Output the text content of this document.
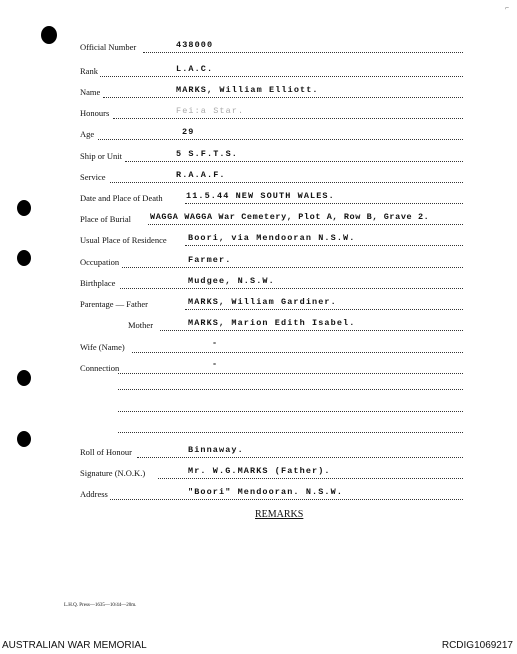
⌐
Official Number	438000
Rank	L.A.C.
Name	MARKS, William Elliott.
Honours	Fei:a Star.
Age	29
Ship or Unit	5 S.F.T.S.
Service	R.A.A.F.
Date and Place of Death	11.5.44 NEW SOUTH WALES.
Place of Burial WAGGA WAGGA War Cemetery, Plot A, Row B, Grave 2.
Usual Place of Residence	Boori, via Mendooran N.S.W.
Occupation	Farmer.
Birthplace	Mudgee, N.S.W.
Parentage — Father	MARKS, William Gardiner.
Mother	MARKS, Marion Edith Isabel.
Wife (Name)	-
Connection	-
Roll of Honour	Binnaway.
Signature (N.O.K.)	Mr. W.G.MARKS (Father).
Address	"Boori" Mendooran. N.S.W.
REMARKS
L.H.Q. Press—1635—10/44—20m.
AUSTRALIAN WAR MEMORIAL	RCDIG1069217
